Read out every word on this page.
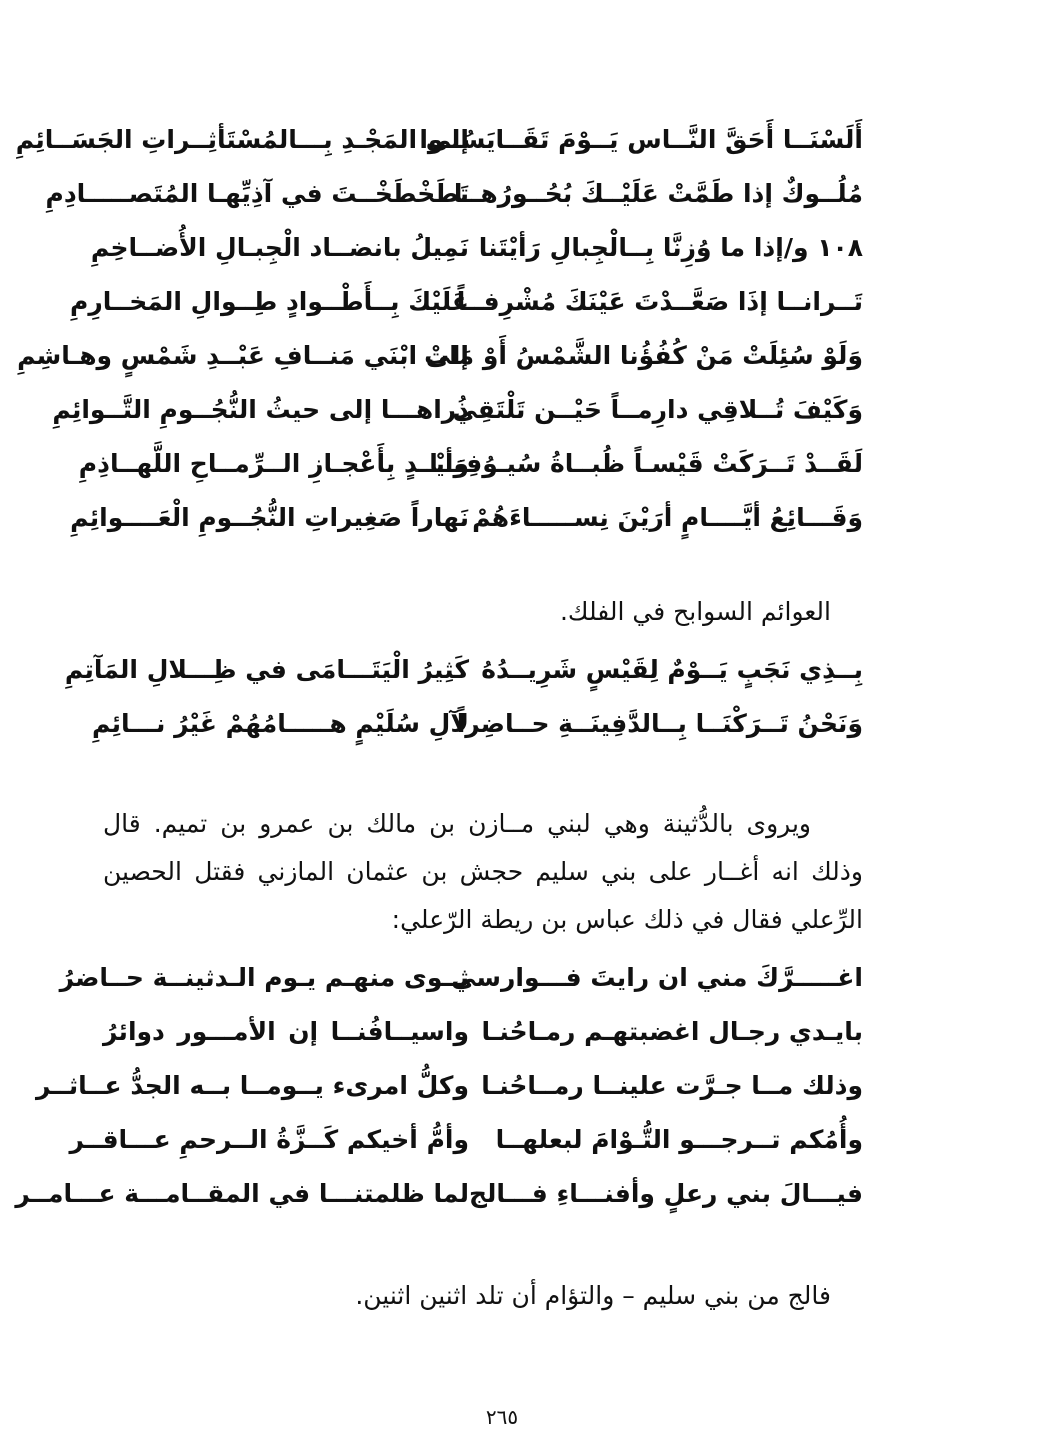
أَلَسْنَــا أَحَقَّ النَّــاس يَــوْمَ تَقَــايَسُــوا
إلى المَجْـدِ بِـــالمُسْتَأثِــراتِ الجَسَــائِمِ
مُلُــوكٌ إذا طَمَّتْ عَلَيْــكَ بُحُــورُهــا
تَطَخْطَخْــتَ في آذِيِّهـا المُتَصـــــادِمِ
١٠٨ و/إذا ما وُزِنَّا بِــالْجِبالِ رَأيْتَنا
نَمِيلُ بانضــاد الْجِبـالِ الأُضــاخِمِ
تَــرانــا إذَا صَعَّــدْتَ عَيْنَكَ مُشْرِفــاً
عَلَيْكَ بِــأَطْــوادٍ طِــوالِ المَخــارِمِ
وَلَوْ سُئِلَتْ مَنْ كُفُؤُنا الشَّمْسُ أَوْ مَاتْ
إلى ابْنَي مَنــافِ عَبْــدِ شَمْسٍ وهـاشِمِ
وَكَيْفَ تُــلاقِي دارِمــاً حَيْــن تَلْتَقِي
ذُراهـــا إلى حيثُ النُّجُــومِ التَّــوائِمِ
لَقَــدْ تَــرَكَتْ قَيْسـاً ظُبــاةُ سُيـوُفِنــا
وَأيْــدٍ بِأَعْجـازِ الــرِّمــاحِ اللَّهــاذِمِ
وَقَـــائِعُ أيَّــــامٍ أرَيْنَ نِســـــاءَهُمْ
نَهاراً صَغِيراتِ النُّجُــومِ الْعَــــوائِمِ
العوائم السوابح في الفلك.
بِــذِي نَجَبٍ يَــوْمٌ لِقَيْسٍ شَرِيــدُهُ
كَثِيرُ الْيَتَـــامَى في ظِـــلالِ المَآتِمِ
وَنَحْنُ تَــرَكْنَــا بِــالدَّفِينَــةِ حــاضِراً
لآلِ سُلَيْمٍ هـــــامُهُمْ غَيْرُ نـــائِمِ
ويروى بالدُّثينة وهي لبني مــازن بن مالك بن عمرو بن تميم. قال وذلك انه أغــار على بني سليم حجش بن عثمان المازني فقتل الحصين الرِّعلي فقال في ذلك عباس بن ريطة الرّعلي:
اغـــــرَّكَ مني ان رايتَ فـــوارسي
ثــوى منهـم يـوم الـدثينــة حــاضرُ
بايـدي رجـال اغضبتهـم رمـاحُنـا
واسيــافُنــا إن الأمـــور دوائرُ
وذلك مــا جـرَّت علينــا رمــاحُنـا
وكلُّ امرىء يــومــا بــه الجدُّ عــاثــر
وأُمُكم تــرجـــو التُّـوْامَ لبعلهــا
وأمُّ أخيكم كَــزَّةُ الــرحمِ عـــاقــر
فيـــالَ بني رعلٍ وأفنـــاءِ فـــالج
لما ظلمتنـــا في المقــامـــة عـــامــر
فالج من بني سليم – والتؤام أن تلد اثنين اثنين.
٢٦٥
